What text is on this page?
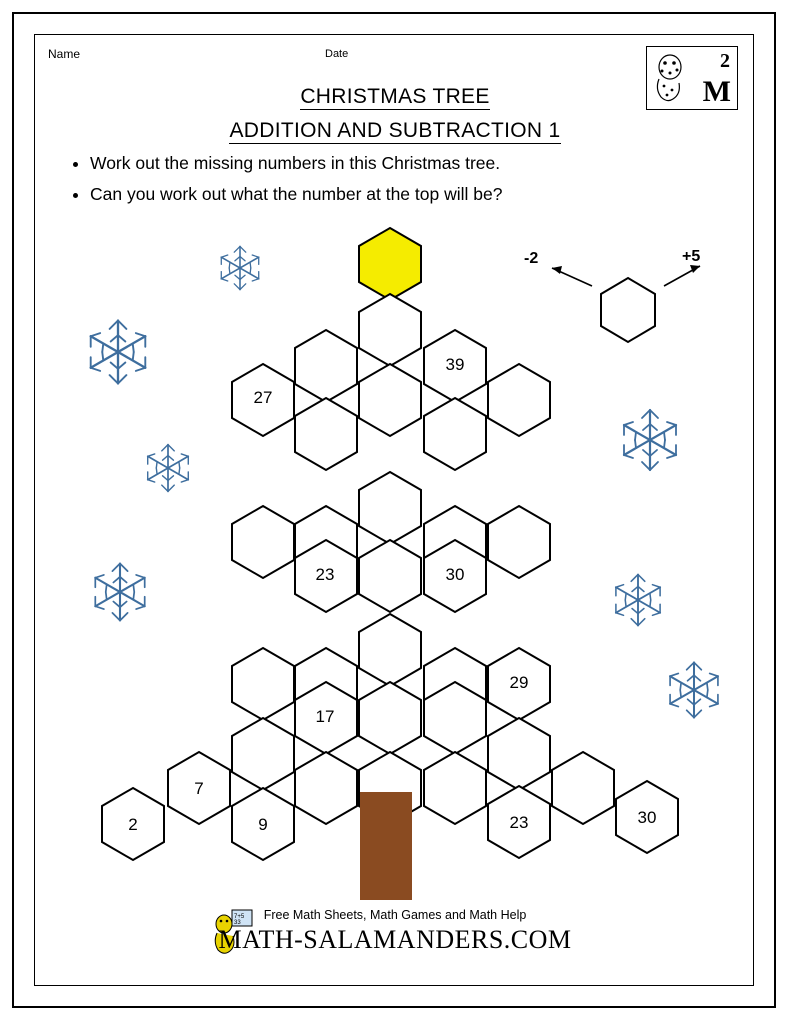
Name	Date	2
M
CHRISTMAS TREE
ADDITION AND SUBTRACTION 1
• Work out the missing numbers in this Christmas tree.
• Can you work out what the number at the top will be?
-2	+5
39
27
23	30
29
17
7
2	9	23	30
7+5
33
Free Math Sheets, Math Games and Math Help
MATH-SALAMANDERS.COM
